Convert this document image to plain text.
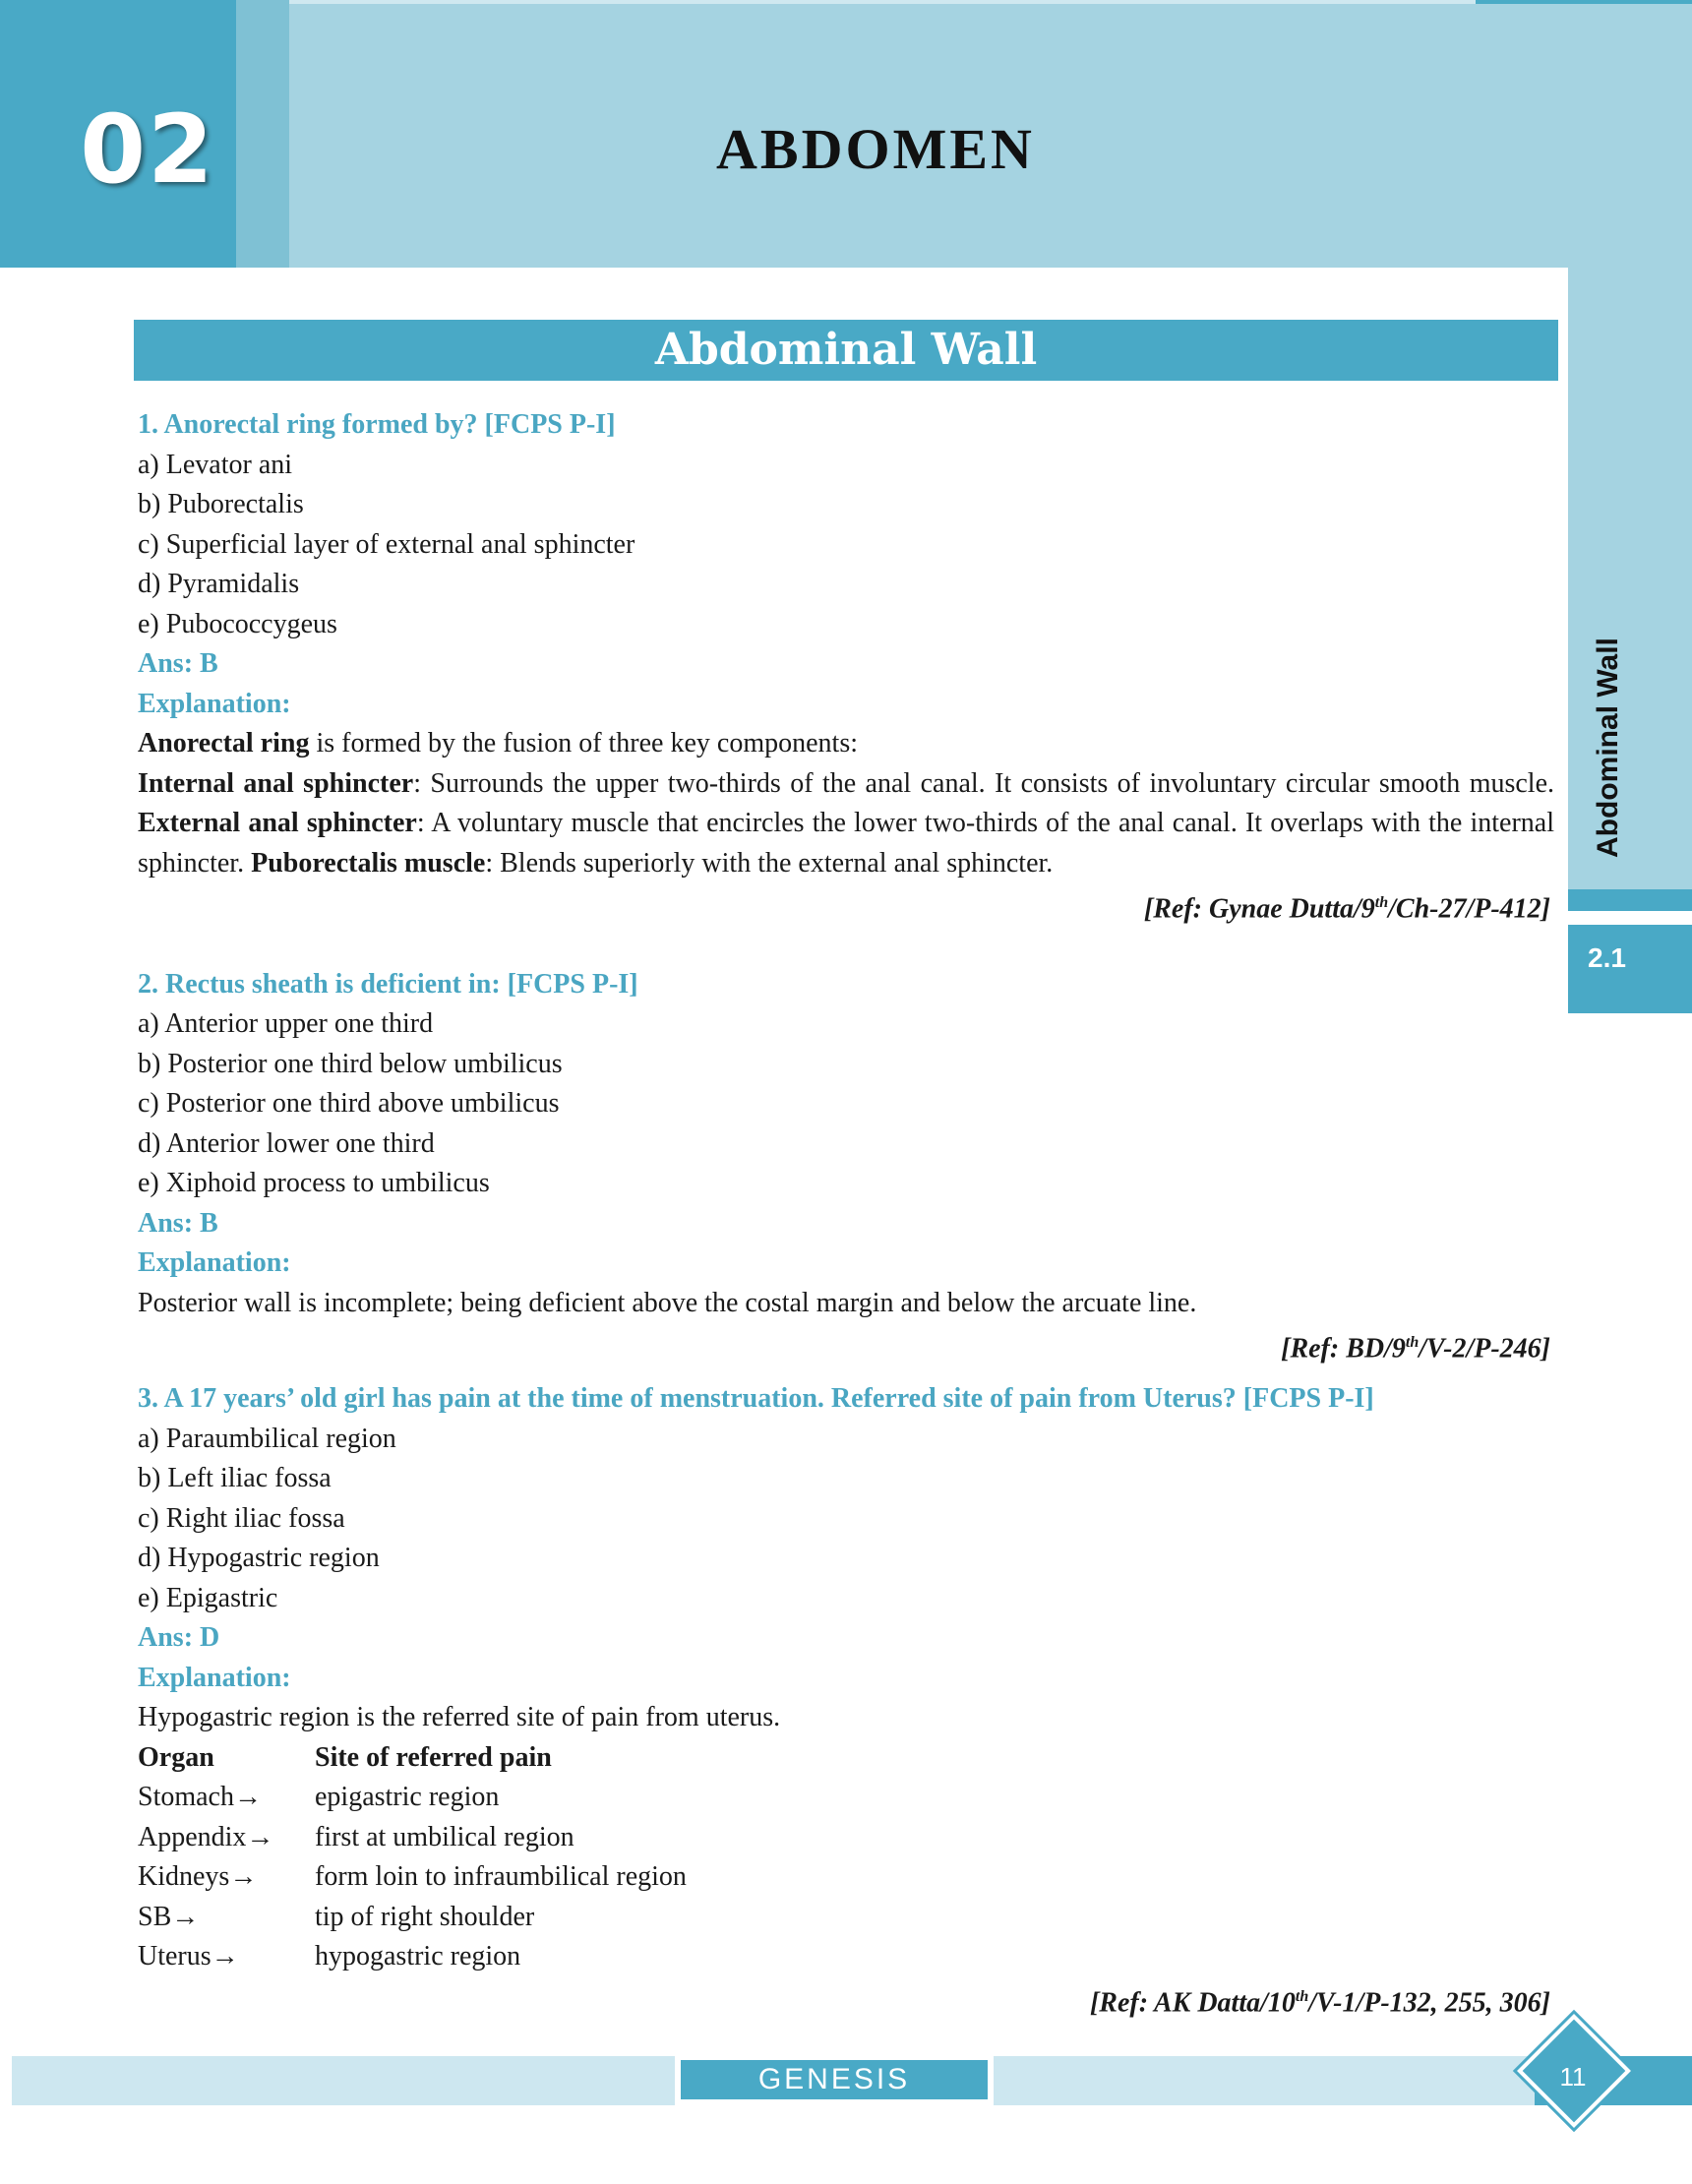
02	ABDOMEN
Abdominal Wall
2.1
Abdominal Wall
1. Anorectal ring formed by? [FCPS P-I]
a) Levator ani
b) Puborectalis
c) Superficial layer of external anal sphincter
d) Pyramidalis
e) Pubococcygeus
Ans: B
Explanation:
Anorectal ring is formed by the fusion of three key components:
Internal anal sphincter: Surrounds the upper two-thirds of the anal canal. It consists of involuntary circular smooth muscle. External anal sphincter: A voluntary muscle that encircles the lower two-thirds of the anal canal. It overlaps with the internal sphincter. Puborectalis muscle: Blends superiorly with the external anal sphincter.
[Ref: Gynae Dutta/9th/Ch-27/P-412]
2. Rectus sheath is deficient in: [FCPS P-I]
a) Anterior upper one third
b) Posterior one third below umbilicus
c) Posterior one third above umbilicus
d) Anterior lower one third
e) Xiphoid process to umbilicus
Ans: B
Explanation:
Posterior wall is incomplete; being deficient above the costal margin and below the arcuate line.
[Ref: BD/9th/V-2/P-246]
3. A 17 years’ old girl has pain at the time of menstruation. Referred site of pain from Uterus? [FCPS P-I]
a) Paraumbilical region
b) Left iliac fossa
c) Right iliac fossa
d) Hypogastric region
e) Epigastric
Ans: D
Explanation:
Hypogastric region is the referred site of pain from uterus.
Organ	Site of referred pain
Stomach→	epigastric region
Appendix→	first at umbilical region
Kidneys→	form loin to infraumbilical region
SB→	tip of right shoulder
Uterus→	hypogastric region
[Ref: AK Datta/10th/V-1/P-132, 255, 306]
GENESIS	11
